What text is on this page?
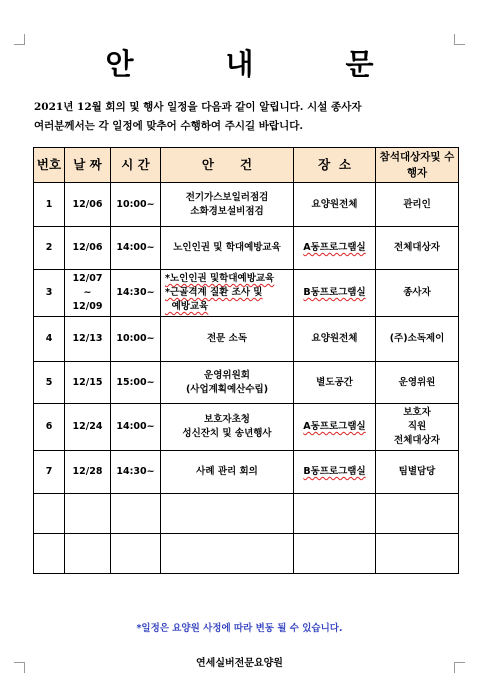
안	내	문
2021년 12월 회의 및 행사 일정을 다음과 같이 알립니다. 시설 종사자
여러분께서는 각 일정에 맞추어 수행하여 주시길 바랍니다.
번호	날 짜	시 간	안      건	장  소	참석대상자및 수행자
1	12/06	10:00~	전기가스보일러점검
소화경보설비점검	요양원전체	관리인

2	12/06	14:00~	노인인권 및 학대예방교육	A동프로그램실	전체대상자

3	12/07
~
12/09	14:30~	*노인인권 및학대예방교육
*근골격계 질환 조사 및
예방교육	B동프로그램실	종사자

4	12/13	10:00~	전문 소독	요양원전체	(주)소독제이

5	12/15	15:00~	운영위원회
(사업계획예산수립)	별도공간	운영위원

6	12/24	14:00~	보호자초청
성신잔치 및 송년행사	A동프로그램실	보호자
직원
전체대상자

7	12/28	14:30~	사례 관리 회의	B동프로그램실	팀별담당

*일정은 요양원 사정에 따라 변동 될 수 있습니다.
연세실버전문요양원
